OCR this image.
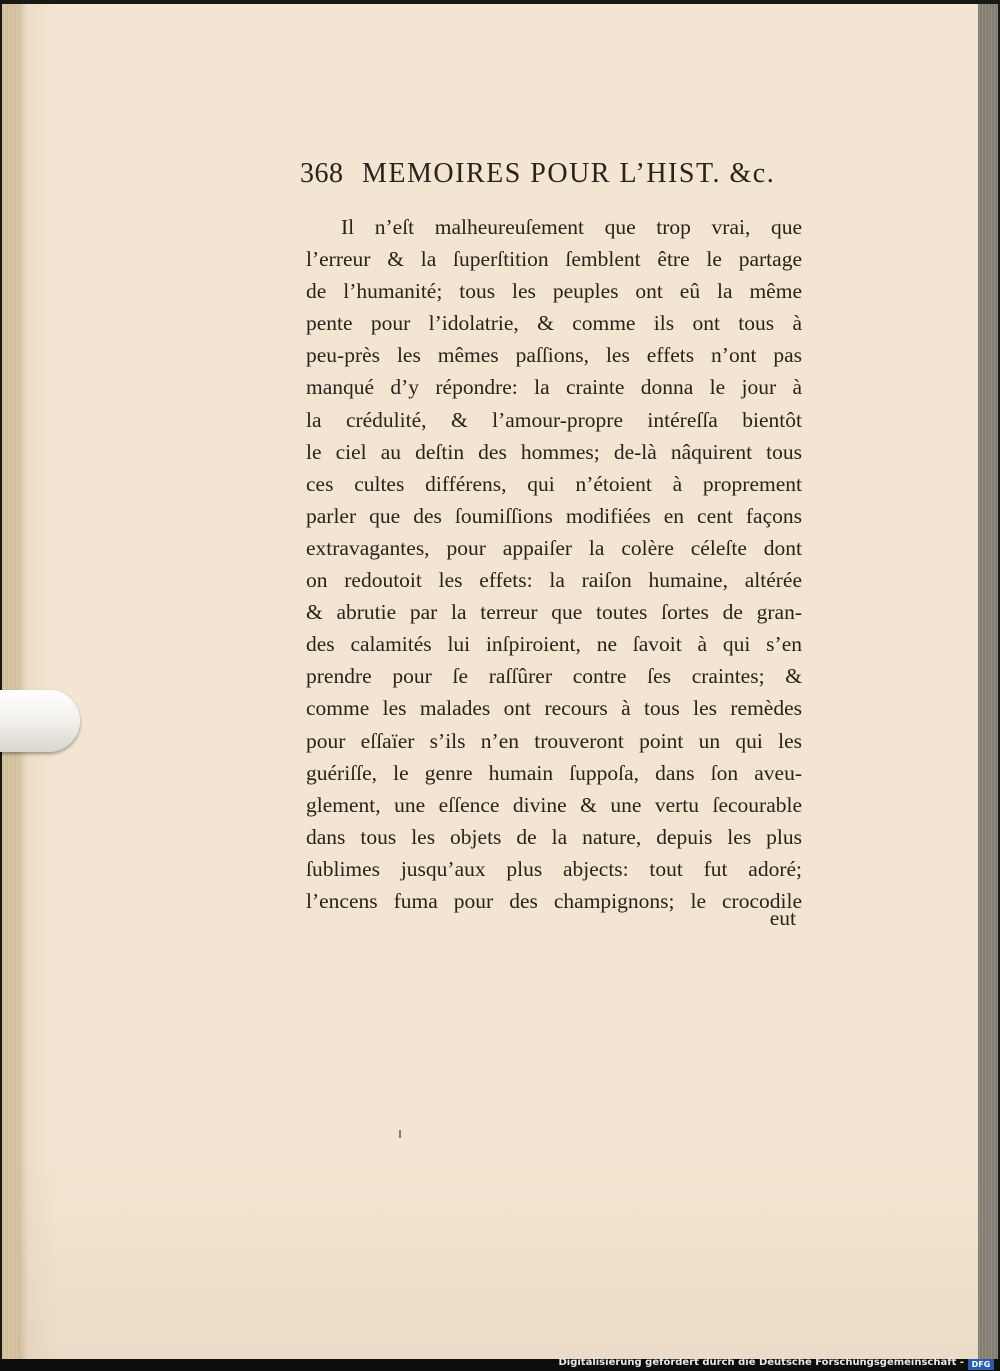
368 MEMOIRES POUR L’HIST. &c.
Il n’eſt malheureuſement que trop vrai, que
l’erreur & la ſuperſtition ſemblent être le partage
de l’humanité; tous les peuples ont eû la même
pente pour l’idolatrie, & comme ils ont tous à
peu-près les mêmes paſſions, les effets n’ont pas
manqué d’y répondre: la crainte donna le jour à
la crédulité, & l’amour-propre intéreſſa bientôt
le ciel au deſtin des hommes; de-là nâquirent tous
ces cultes différens, qui n’étoient à proprement
parler que des ſoumiſſions modifiées en cent façons
extravagantes, pour appaiſer la colère céleſte dont
on redoutoit les effets: la raiſon humaine, altérée
& abrutie par la terreur que toutes ſortes de gran-
des calamités lui inſpiroient, ne ſavoit à qui s’en
prendre pour ſe raſſûrer contre ſes craintes; &
comme les malades ont recours à tous les remèdes
pour eſſaïer s’ils n’en trouveront point un qui les
guériſſe, le genre humain ſuppoſa, dans ſon aveu-
glement, une eſſence divine & une vertu ſecourable
dans tous les objets de la nature, depuis les plus
ſublimes jusqu’aux plus abjects: tout fut adoré;
l’encens fuma pour des champignons; le crocodile
eut
Digitalisierung gefördert durch die Deutsche Forschungsgemeinschaft - DFG
